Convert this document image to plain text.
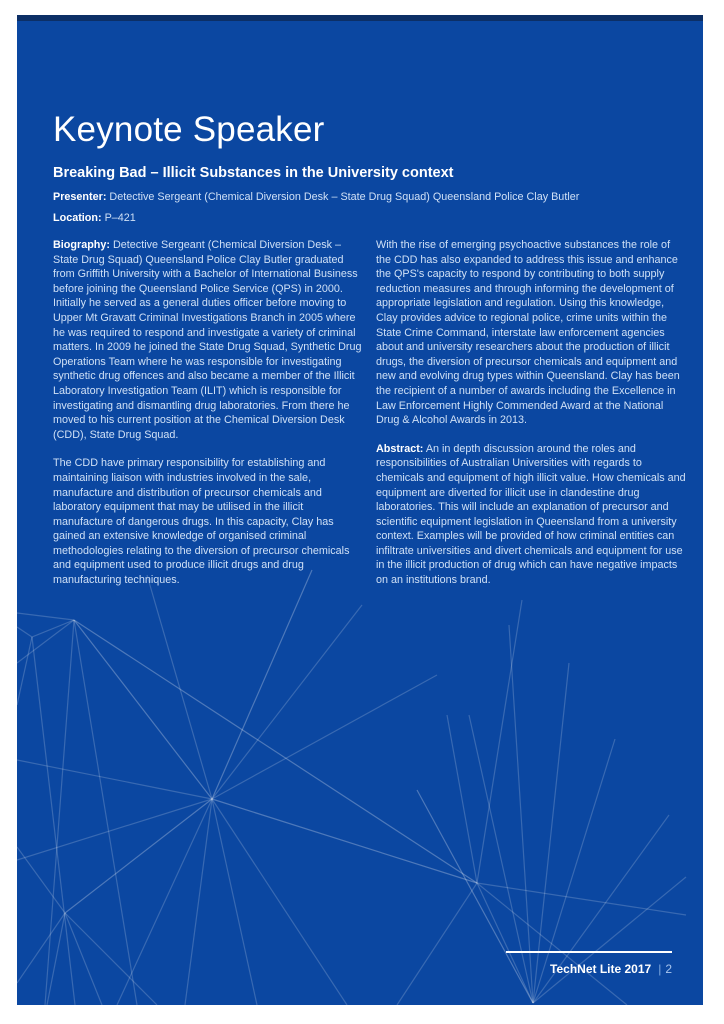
Keynote Speaker
Breaking Bad – Illicit Substances in the University context

Presenter: Detective Sergeant (Chemical Diversion Desk – State Drug Squad) Queensland Police Clay Butler

Location: P–421

Biography: Detective Sergeant (Chemical Diversion Desk – State Drug Squad) Queensland Police Clay Butler graduated from Griffith University with a Bachelor of International Business before joining the Queensland Police Service (QPS) in 2000. Initially he served as a general duties officer before moving to Upper Mt Gravatt Criminal Investigations Branch in 2005 where he was required to respond and investigate a variety of criminal matters. In 2009 he joined the State Drug Squad, Synthetic Drug Operations Team where he was responsible for investigating synthetic drug offences and also became a member of the Illicit Laboratory Investigation Team (ILIT) which is responsible for investigating and dismantling drug laboratories. From there he moved to his current position at the Chemical Diversion Desk (CDD), State Drug Squad.

The CDD have primary responsibility for establishing and maintaining liaison with industries involved in the sale, manufacture and distribution of precursor chemicals and laboratory equipment that may be utilised in the illicit manufacture of dangerous drugs. In this capacity, Clay has gained an extensive knowledge of organised criminal methodologies relating to the diversion of precursor chemicals and equipment used to produce illicit drugs and drug manufacturing techniques.

With the rise of emerging psychoactive substances the role of the CDD has also expanded to address this issue and enhance the QPS's capacity to respond by contributing to both supply reduction measures and through informing the development of appropriate legislation and regulation. Using this knowledge, Clay provides advice to regional police, crime units within the State Crime Command, interstate law enforcement agencies about and university researchers about the production of illicit drugs, the diversion of precursor chemicals and equipment and new and evolving drug types within Queensland. Clay has been the recipient of a number of awards including the Excellence in Law Enforcement Highly Commended Award at the National Drug & Alcohol Awards in 2013.

Abstract: An in depth discussion around the roles and responsibilities of Australian Universities with regards to chemicals and equipment of high illicit value. How chemicals and equipment are diverted for illicit use in clandestine drug laboratories. This will include an explanation of precursor and scientific equipment legislation in Queensland from a university context. Examples will be provided of how criminal entities can infiltrate universities and divert chemicals and equipment for use in the illicit production of drug which can have negative impacts on an institutions brand.

TechNet Lite 2017 | 2
